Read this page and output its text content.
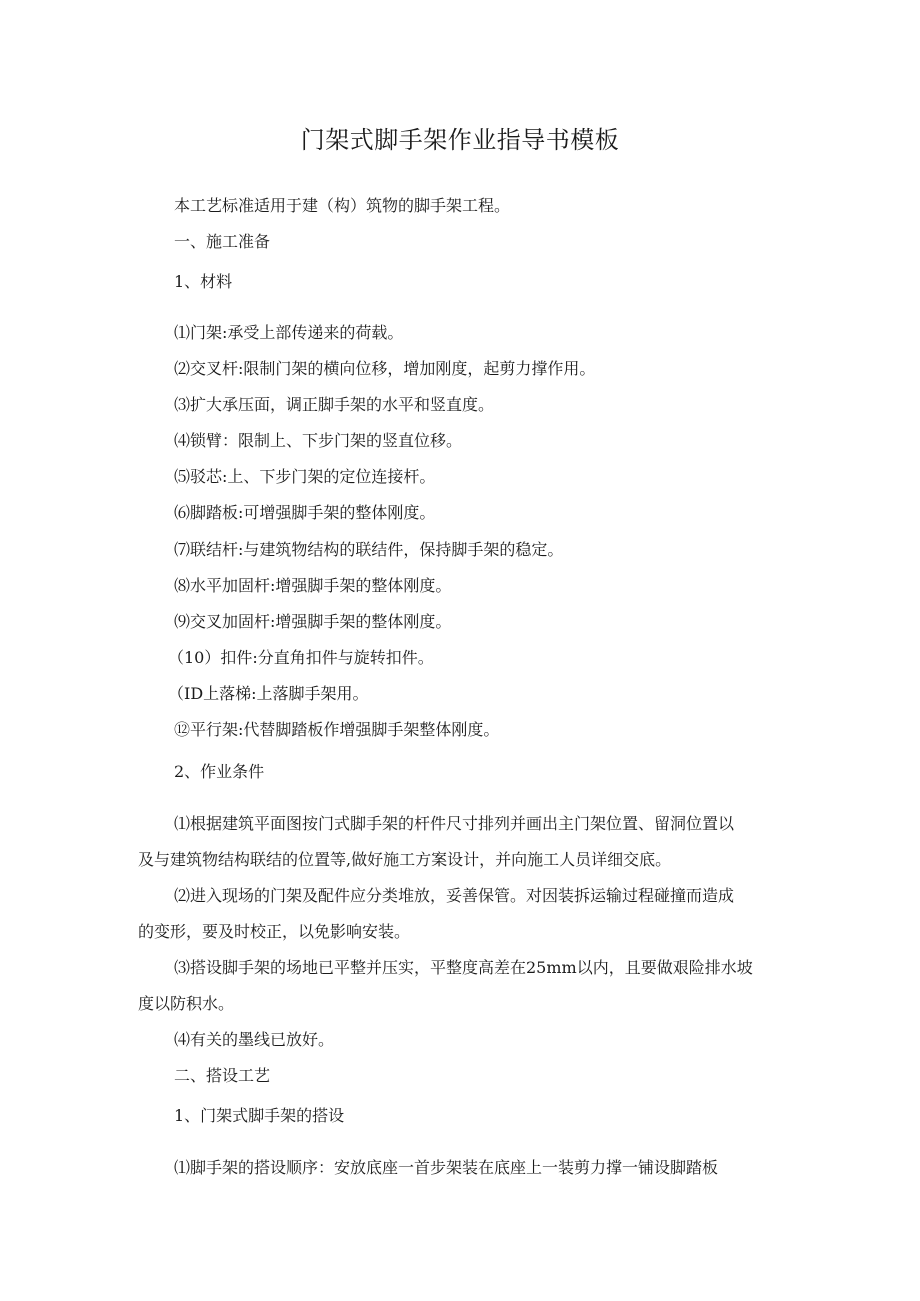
门架式脚手架作业指导书模板
本工艺标准适用于建（构）筑物的脚手架工程。
一、施工准备
1、材料
⑴门架:承受上部传递来的荷载。
⑵交叉杆:限制门架的横向位移，增加刚度，起剪力撑作用。
⑶扩大承压面，调正脚手架的水平和竖直度。
⑷锁臂：限制上、下步门架的竖直位移。
⑸驳芯:上、下步门架的定位连接杆。
⑹脚踏板:可增强脚手架的整体刚度。
⑺联结杆:与建筑物结构的联结件，保持脚手架的稳定。
⑻水平加固杆:增强脚手架的整体刚度。
⑼交叉加固杆:增强脚手架的整体刚度。
（10）扣件:分直角扣件与旋转扣件。
（ID上落梯:上落脚手架用。
⑫平行架:代替脚踏板作增强脚手架整体刚度。
2、作业条件
⑴根据建筑平面图按门式脚手架的杆件尺寸排列并画出主门架位置、留洞位置以
及与建筑物结构联结的位置等,做好施工方案设计，并向施工人员详细交底。
⑵进入现场的门架及配件应分类堆放，妥善保管。对因装拆运输过程碰撞而造成
的变形，要及时校正，以免影响安装。
⑶搭设脚手架的场地已平整并压实，平整度高差在25mm以内，且要做艰险排水坡
度以防积水。
⑷有关的墨线已放好。
二、搭设工艺
1、门架式脚手架的搭设
⑴脚手架的搭设顺序：安放底座一首步架装在底座上一装剪力撑一铺设脚踏板
